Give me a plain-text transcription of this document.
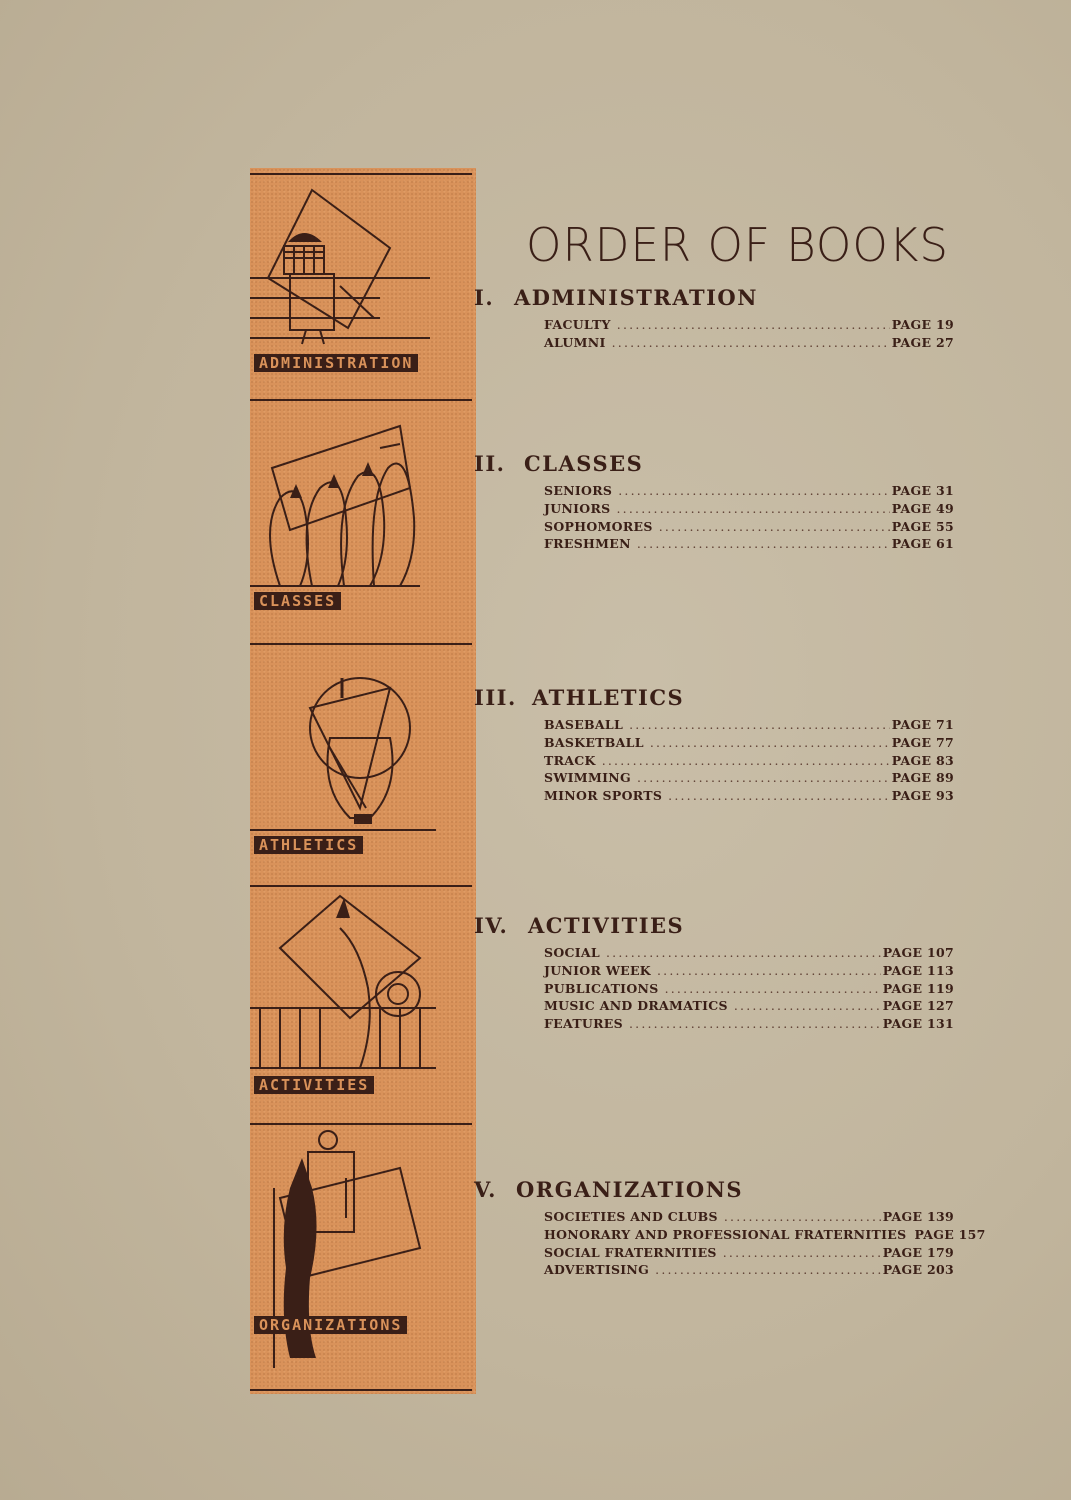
ADMINISTRATION
CLASSES
ATHLETICS
ACTIVITIES
ORGANIZATIONS
ORDER OF BOOKS
I. ADMINISTRATION
FACULTY .....	PAGE 19
ALUMNI .....	PAGE 27
II. CLASSES
SENIORS .....	PAGE 31
JUNIORS .....	PAGE 49
SOPHOMORES .....	PAGE 55
FRESHMEN .....	PAGE 61
III. ATHLETICS
BASEBALL .....	PAGE 71
BASKETBALL .....	PAGE 77
TRACK .....	PAGE 83
SWIMMING .....	PAGE 89
MINOR SPORTS .....	PAGE 93
IV. ACTIVITIES
SOCIAL .....	PAGE 107
JUNIOR WEEK .....	PAGE 113
PUBLICATIONS .....	PAGE 119
MUSIC AND DRAMATICS .....	PAGE 127
FEATURES .....	PAGE 131
V. ORGANIZATIONS
SOCIETIES AND CLUBS .....	PAGE 139
HONORARY AND PROFESSIONAL FRATERNITIES PAGE 157
SOCIAL FRATERNITIES .....	PAGE 179
ADVERTISING .....	PAGE 203
